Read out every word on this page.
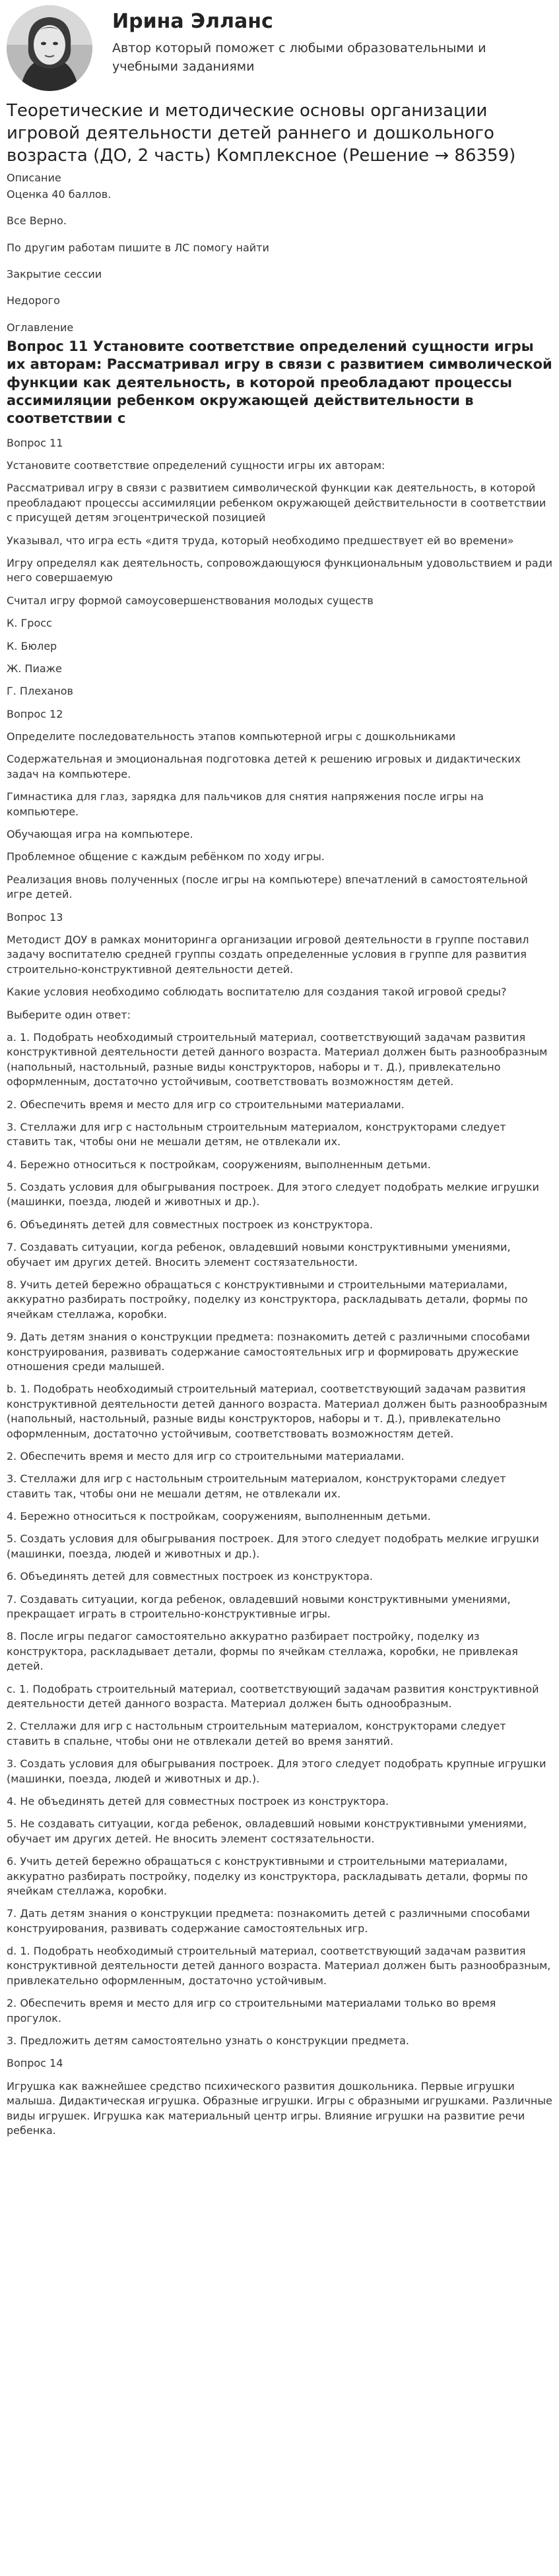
Ирина Элланс
Автор который поможет с любыми образовательными и учебными заданиями
Теоретические и методические основы организации игровой деятельности детей раннего и дошкольного возраста (ДО, 2 часть) Комплексное (Решение → 86359)

Описание

Оценка 40 баллов.

Все Верно.

По другим работам пишите в ЛС помогу найти

Закрытие сессии

Недорого

Оглавление

Вопрос 11 Установите соответствие определений сущности игры их авторам: Рассматривал игру в связи с развитием символической функции как деятельность, в которой преобладают процессы ассимиляции ребенком окружающей действительности в соответствии с

Вопрос 11

Установите соответствие определений сущности игры их авторам:

Рассматривал игру в связи с развитием символической функции как деятельность, в которой преобладают процессы ассимиляции ребенком окружающей действительности в соответствии с присущей детям эгоцентрической позицией

Указывал, что игра есть «дитя труда, который необходимо предшествует ей во времени»

Игру определял как деятельность, сопровождающуюся функциональным удовольствием и ради него совершаемую

Считал игру формой самоусовершенствования молодых существ

К. Гросс

К. Бюлер

Ж. Пиаже

Г. Плеханов

Вопрос 12

Определите последовательность этапов компьютерной игры с дошкольниками

Содержательная и эмоциональная подготовка детей к решению игровых и дидактических задач на компьютере.

Гимнастика для глаз, зарядка для пальчиков для снятия напряжения после игры на компьютере.

Обучающая игра на компьютере.

Проблемное общение с каждым ребёнком по ходу игры.

Реализация вновь полученных (после игры на компьютере) впечатлений в самостоятельной игре детей.

Вопрос 13

Методист ДОУ в рамках мониторинга организации игровой деятельности в группе поставил задачу воспитателю средней группы создать определенные условия в группе для развития строительно-конструктивной деятельности детей.

Какие условия необходимо соблюдать воспитателю для создания такой игровой среды?

Выберите один ответ:

a. 1. Подобрать необходимый строительный материал, соответствующий задачам развития конструктивной деятельности детей данного возраста. Материал должен быть разнообразным (напольный, настольный, разные виды конструкторов, наборы и т. Д.), привлекательно оформленным, достаточно устойчивым, соответствовать возможностям детей.

2. Обеспечить время и место для игр со строительными материалами.

3. Стеллажи для игр с настольным строительным материалом, конструкторами следует ставить так, чтобы они не мешали детям, не отвлекали их.

4. Бережно относиться к постройкам, сооружениям, выполненным детьми.

5. Создать условия для обыгрывания построек. Для этого следует подобрать мелкие игрушки (машинки, поезда, людей и животных и др.).

6. Объединять детей для совместных построек из конструктора.

7. Создавать ситуации, когда ребенок, овладевший новыми конструктивными умениями, обучает им других детей. Вносить элемент состязательности.

8. Учить детей бережно обращаться с конструктивными и строительными материалами, аккуратно разбирать постройку, поделку из конструктора, раскладывать детали, формы по ячейкам стеллажа, коробки.

9. Дать детям знания о конструкции предмета: познакомить детей с различными способами конструирования, развивать содержание самостоятельных игр и формировать дружеские отношения среди малышей.

b. 1. Подобрать необходимый строительный материал, соответствующий задачам развития конструктивной деятельности детей данного возраста. Материал должен быть разнообразным (напольный, настольный, разные виды конструкторов, наборы и т. Д.), привлекательно оформленным, достаточно устойчивым, соответствовать возможностям детей.

2. Обеспечить время и место для игр со строительными материалами.

3. Стеллажи для игр с настольным строительным материалом, конструкторами следует ставить так, чтобы они не мешали детям, не отвлекали их.

4. Бережно относиться к постройкам, сооружениям, выполненным детьми.

5. Создать условия для обыгрывания построек. Для этого следует подобрать мелкие игрушки (машинки, поезда, людей и животных и др.).

6. Объединять детей для совместных построек из конструктора.

7. Создавать ситуации, когда ребенок, овладевший новыми конструктивными умениями, прекращает играть в строительно-конструктивные игры.

8. После игры педагог самостоятельно аккуратно разбирает постройку, поделку из конструктора, раскладывает детали, формы по ячейкам стеллажа, коробки, не привлекая детей.

c. 1. Подобрать строительный материал, соответствующий задачам развития конструктивной деятельности детей данного возраста. Материал должен быть однообразным.

2. Стеллажи для игр с настольным строительным материалом, конструкторами следует ставить в спальне, чтобы они не отвлекали детей во время занятий.

3. Создать условия для обыгрывания построек. Для этого следует подобрать крупные игрушки (машинки, поезда, людей и животных и др.).

4. Не объединять детей для совместных построек из конструктора.

5. Не создавать ситуации, когда ребенок, овладевший новыми конструктивными умениями, обучает им других детей. Не вносить элемент состязательности.

6. Учить детей бережно обращаться с конструктивными и строительными материалами, аккуратно разбирать постройку, поделку из конструктора, раскладывать детали, формы по ячейкам стеллажа, коробки.

7. Дать детям знания о конструкции предмета: познакомить детей с различными способами конструирования, развивать содержание самостоятельных игр.

d. 1. Подобрать необходимый строительный материал, соответствующий задачам развития конструктивной деятельности детей данного возраста. Материал должен быть разнообразным, привлекательно оформленным, достаточно устойчивым.

2. Обеспечить время и место для игр со строительными материалами только во время прогулок.

3. Предложить детям самостоятельно узнать о конструкции предмета.

Вопрос 14

Игрушка как важнейшее средство психического развития дошкольника. Первые игрушки малыша. Дидактическая игрушка. Образные игрушки. Игры с образными игрушками. Различные виды игрушек. Игрушка как материальный центр игры. Влияние игрушки на развитие речи ребенка.
